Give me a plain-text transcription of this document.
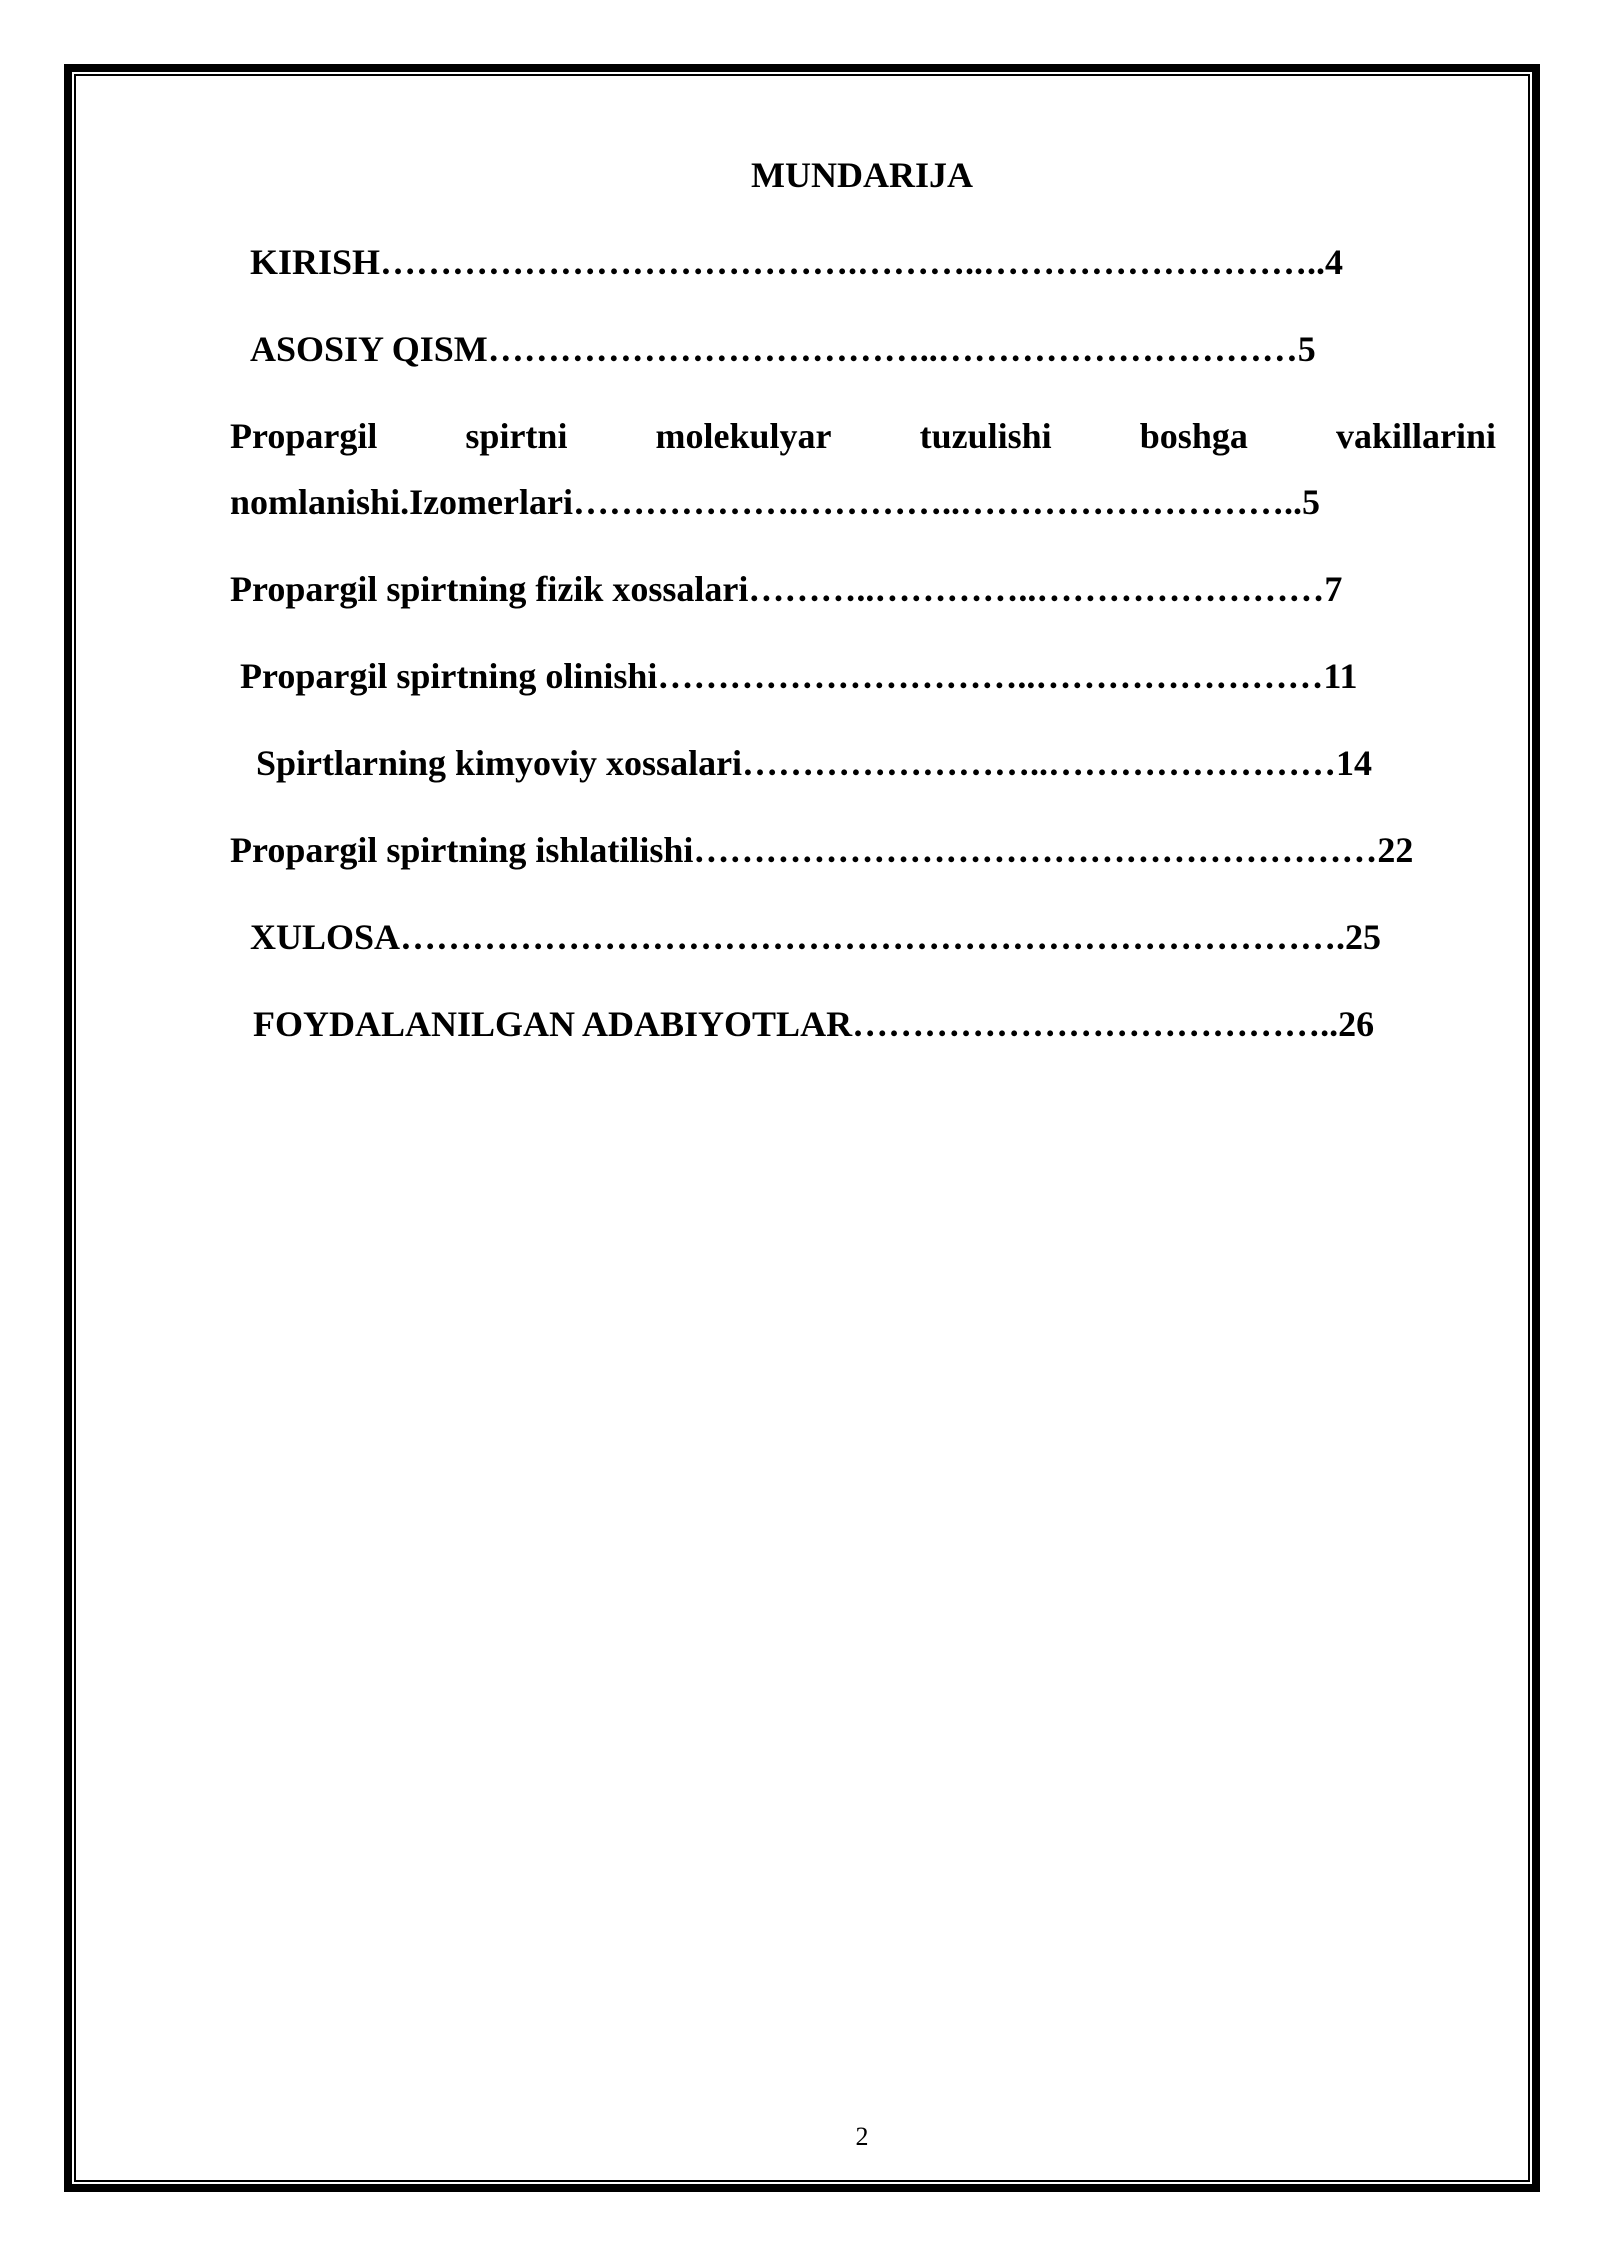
MUNDARIJA
KIRISH………………………………….………..………………………..4
ASOSIY QISM………………………………..…………………………5
Propargil spirtni molekulyar tuzulishi boshga vakillarini
nomlanishi.Izomerlari……………….…………..………………………..5
Propargil spirtning fizik xossalari………..…………..……………………7
Propargil spirtning olinishi…………………………..……………………11
Spirtlarning kimyoviy xossalari……………………..……………………14
Propargil spirtning ishlatilishi…………………………………………………22
XULOSA…………………………………………………………………….25
FOYDALANILGAN ADABIYOTLAR…………………………………..26
2
